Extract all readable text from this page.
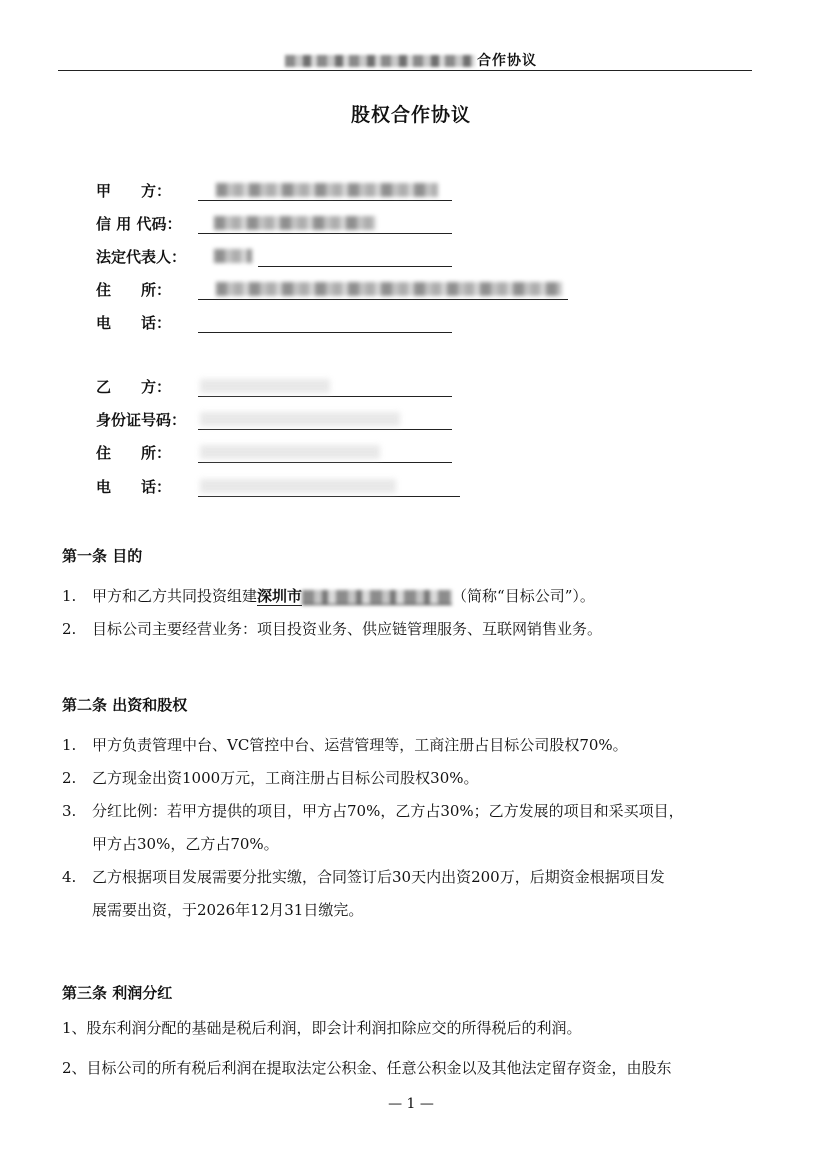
合作协议
股权合作协议
甲　　方：
信 用 代码：
法定代表人：
住　　所：
电　　话：
乙　　方：
身份证号码：
住　　所：
电　　话：
第一条 目的
1. 甲方和乙方共同投资组建深圳市	（简称“目标公司”）。
2. 目标公司主要经营业务：项目投资业务、供应链管理服务、互联网销售业务。
第二条 出资和股权
1. 甲方负责管理中台、VC管控中台、运营管理等，工商注册占目标公司股权70%。
2. 乙方现金出资1000万元，工商注册占目标公司股权30%。
3. 分红比例：若甲方提供的项目，甲方占70%，乙方占30%；乙方发展的项目和采买项目，
甲方占30%，乙方占70%。
4. 乙方根据项目发展需要分批实缴，合同签订后30天内出资200万，后期资金根据项目发
展需要出资，于2026年12月31日缴完。
第三条 利润分红
1、股东利润分配的基础是税后利润，即会计利润扣除应交的所得税后的利润。
2、目标公司的所有税后利润在提取法定公积金、任意公积金以及其他法定留存资金，由股东
— 1 —
